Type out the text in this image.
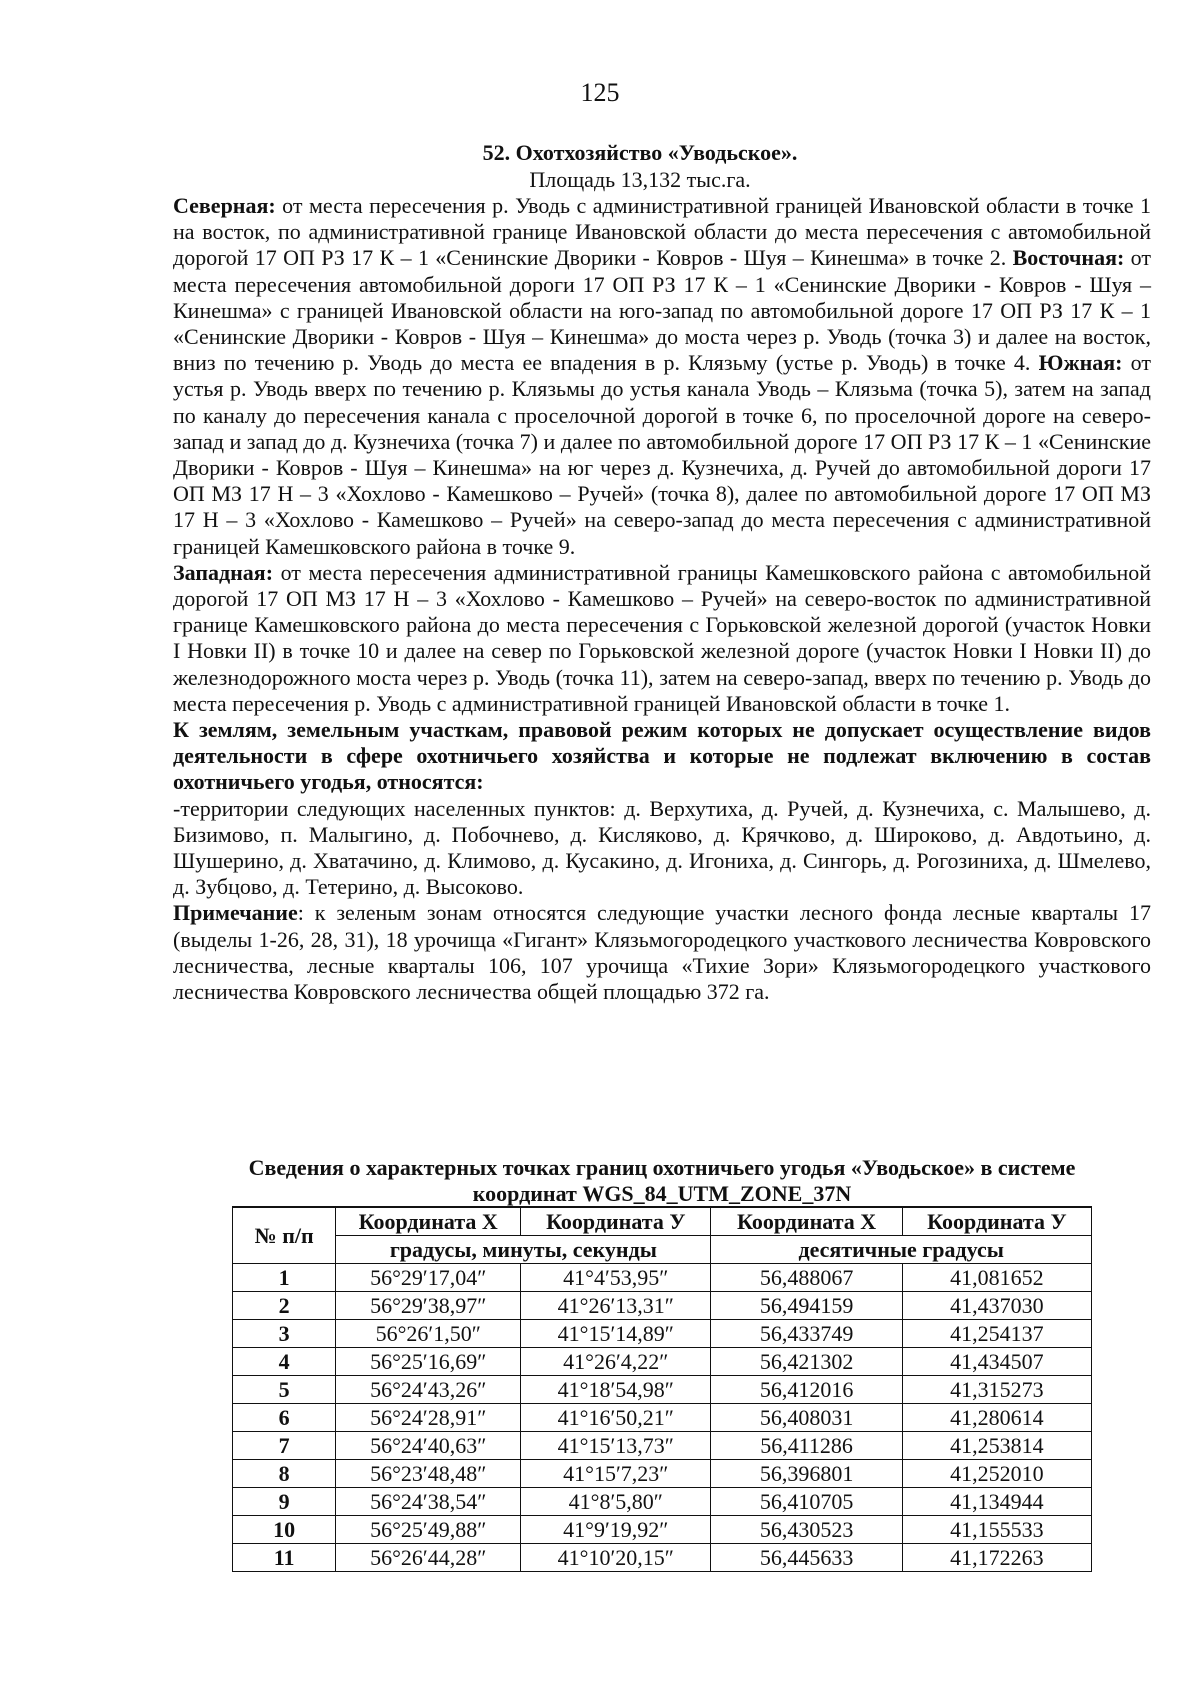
125
52. Охотхозяйство «Уводьское».
Площадь 13,132 тыс.га.

Северная: от места пересечения р. Уводь с административной границей Ивановской области в точке 1 на восток, по административной границе Ивановской области до места пересечения с автомобильной дорогой 17 ОП РЗ 17 К – 1 «Сенинские Дворики - Ковров - Шуя – Кинешма» в точке 2. Восточная: от места пересечения автомобильной дороги 17 ОП РЗ 17 К – 1 «Сенинские Дворики - Ковров - Шуя – Кинешма» с границей Ивановской области на юго-запад по автомобильной дороге 17 ОП РЗ 17 К – 1 «Сенинские Дворики - Ковров - Шуя – Кинешма» до моста через р. Уводь (точка 3) и далее на восток, вниз по течению р. Уводь до места ее впадения в р. Клязьму (устье р. Уводь) в точке 4. Южная: от устья р. Уводь вверх по течению р. Клязьмы до устья канала Уводь – Клязьма (точка 5), затем на запад по каналу до пересечения канала с проселочной дорогой в точке 6, по проселочной дороге на северо-запад и запад до д. Кузнечиха (точка 7) и далее по автомобильной дороге 17 ОП РЗ 17 К – 1 «Сенинские Дворики - Ковров - Шуя – Кинешма» на юг через д. Кузнечиха, д. Ручей до автомобильной дороги 17 ОП МЗ 17 Н – 3 «Хохлово - Камешково – Ручей» (точка 8), далее по автомобильной дороге 17 ОП МЗ 17 Н – 3 «Хохлово - Камешково – Ручей» на северо-запад до места пересечения с административной границей Камешковского района в точке 9.

Западная: от места пересечения административной границы Камешковского района с автомобильной дорогой 17 ОП МЗ 17 Н – 3 «Хохлово - Камешково – Ручей» на северо-восток по административной границе Камешковского района до места пересечения с Горьковской железной дорогой (участок Новки I Новки II) в точке 10 и далее на север по Горьковской железной дороге (участок Новки I Новки II) до железнодорожного моста через р. Уводь (точка 11), затем на северо-запад, вверх по течению р. Уводь до места пересечения р. Уводь с административной границей Ивановской области в точке 1.

К землям, земельным участкам, правовой режим которых не допускает осуществление видов деятельности в сфере охотничьего хозяйства и которые не подлежат включению в состав охотничьего угодья, относятся:

-территории следующих населенных пунктов: д. Верхутиха, д. Ручей, д. Кузнечиха, с. Малышево, д. Бизимово, п. Малыгино, д. Побочнево, д. Кисляково, д. Крячково, д. Широково, д. Авдотьино, д. Шушерино, д. Хватачино, д. Климово, д. Кусакино, д. Игониха, д. Сингорь, д. Рогозиниха, д. Шмелево, д. Зубцово, д. Тетерино, д. Высоково.

Примечание: к зеленым зонам относятся следующие участки лесного фонда лесные кварталы 17 (выделы 1-26, 28, 31), 18 урочища «Гигант» Клязьмогородецкого участкового лесничества Ковровского лесничества, лесные кварталы 106, 107 урочища «Тихие Зори» Клязьмогородецкого участкового лесничества Ковровского лесничества общей площадью 372 га.

Сведения о характерных точках границ охотничьего угодья «Уводьское» в системе
координат WGS_84_UTM_ZONE_37N
№ п/п	Координата Х	Координата У	Координата Х	Координата У
	градусы, минуты, секунды		десятичные градусы	
1	56°29′17,04″	41°4′53,95″	56,488067	41,081652
2	56°29′38,97″	41°26′13,31″	56,494159	41,437030
3	56°26′1,50″	41°15′14,89″	56,433749	41,254137
4	56°25′16,69″	41°26′4,22″	56,421302	41,434507
5	56°24′43,26″	41°18′54,98″	56,412016	41,315273
6	56°24′28,91″	41°16′50,21″	56,408031	41,280614
7	56°24′40,63″	41°15′13,73″	56,411286	41,253814
8	56°23′48,48″	41°15′7,23″	56,396801	41,252010
9	56°24′38,54″	41°8′5,80″	56,410705	41,134944
10	56°25′49,88″	41°9′19,92″	56,430523	41,155533
11	56°26′44,28″	41°10′20,15″	56,445633	41,172263
